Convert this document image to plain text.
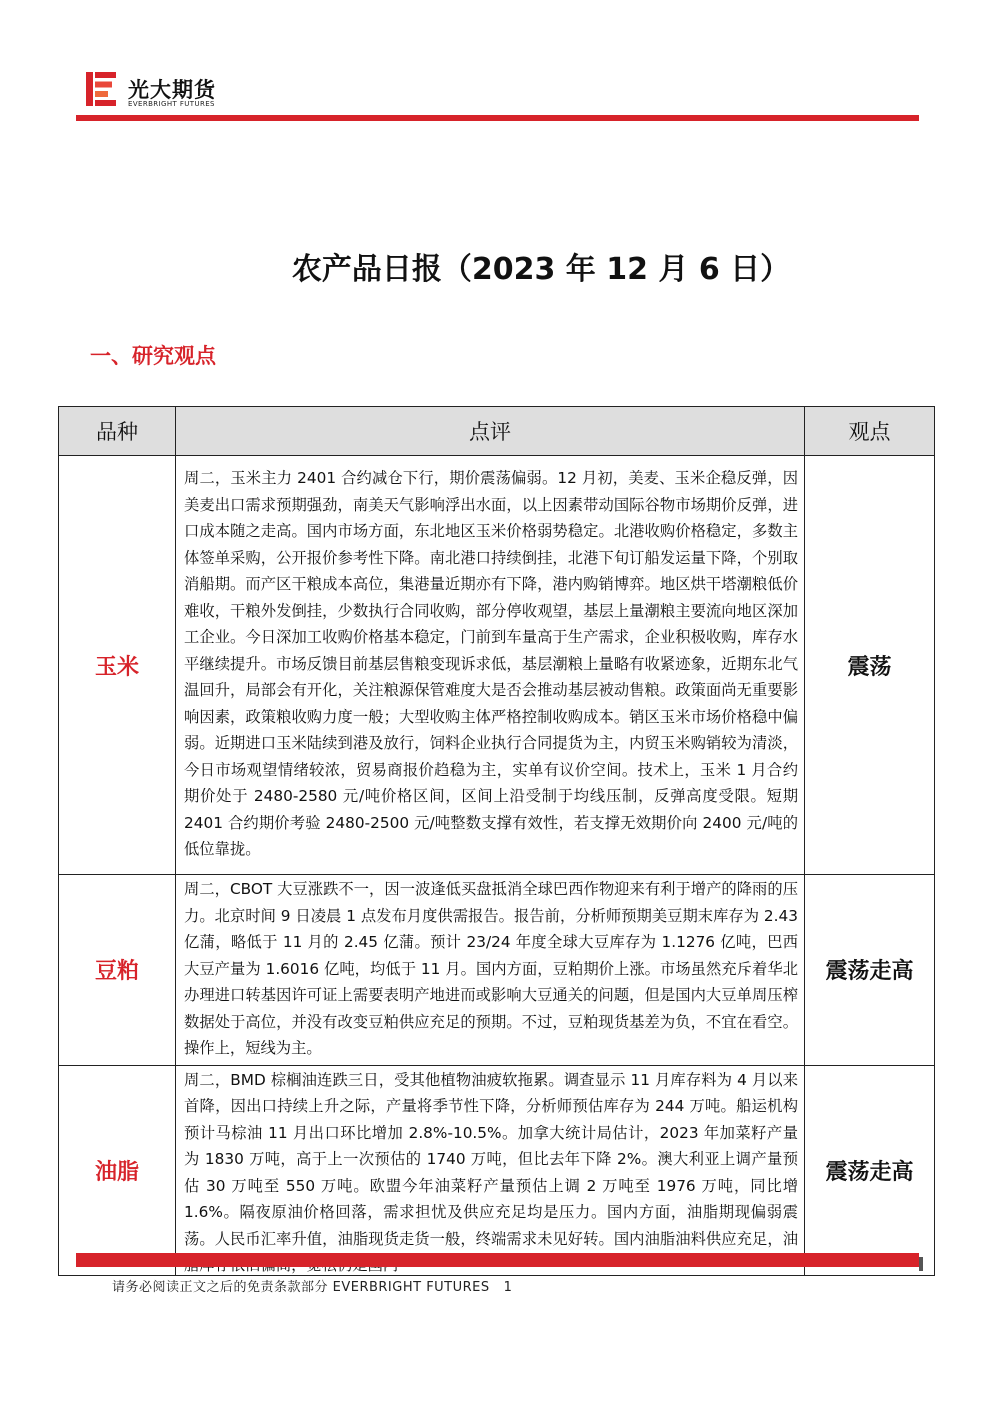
光大期货
EVERBRIGHT FUTURES
农产品日报（2023 年 12 月 6 日）
一、研究观点
品种	点评	观点
玉米	周二，玉米主力 2401 合约减仓下行，期价震荡偏弱。12 月初，美麦、玉米企稳反弹，因美麦出口需求预期强劲，南美天气影响浮出水面，以上因素带动国际谷物市场期价反弹，进口成本随之走高。国内市场方面，东北地区玉米价格弱势稳定。北港收购价格稳定，多数主体签单采购，公开报价参考性下降。南北港口持续倒挂，北港下旬订船发运量下降，个别取消船期。而产区干粮成本高位，集港量近期亦有下降，港内购销博弈。地区烘干塔潮粮低价难收，干粮外发倒挂，少数执行合同收购，部分停收观望，基层上量潮粮主要流向地区深加工企业。今日深加工收购价格基本稳定，门前到车量高于生产需求，企业积极收购，库存水平继续提升。市场反馈目前基层售粮变现诉求低，基层潮粮上量略有收紧迹象，近期东北气温回升，局部会有开化，关注粮源保管难度大是否会推动基层被动售粮。政策面尚无重要影响因素，政策粮收购力度一般；大型收购主体严格控制收购成本。销区玉米市场价格稳中偏弱。近期进口玉米陆续到港及放行，饲料企业执行合同提货为主，内贸玉米购销较为清淡，今日市场观望情绪较浓，贸易商报价趋稳为主，实单有议价空间。技术上，玉米 1 月合约期价处于 2480-2580 元/吨价格区间，区间上沿受制于均线压制，反弹高度受限。短期 2401 合约期价考验 2480-2500 元/吨整数支撑有效性，若支撑无效期价向 2400 元/吨的低位靠拢。	震荡
豆粕	周二，CBOT 大豆涨跌不一，因一波逢低买盘抵消全球巴西作物迎来有利于增产的降雨的压力。北京时间 9 日凌晨 1 点发布月度供需报告。报告前，分析师预期美豆期末库存为 2.43 亿蒲，略低于 11 月的 2.45 亿蒲。预计 23/24 年度全球大豆库存为 1.1276 亿吨，巴西大豆产量为 1.6016 亿吨，均低于 11 月。国内方面，豆粕期价上涨。市场虽然充斥着华北办理进口转基因许可证上需要表明产地进而或影响大豆通关的问题，但是国内大豆单周压榨数据处于高位，并没有改变豆粕供应充足的预期。不过，豆粕现货基差为负，不宜在看空。操作上，短线为主。	震荡走高
油脂	周二，BMD 棕榈油连跌三日，受其他植物油疲软拖累。调查显示 11 月库存料为 4 月以来首降，因出口持续上升之际，产量将季节性下降，分析师预估库存为 244 万吨。船运机构预计马棕油 11 月出口环比增加 2.8%-10.5%。加拿大统计局估计，2023 年加菜籽产量为 1830 万吨，高于上一次预估的 1740 万吨，但比去年下降 2%。澳大利亚上调产量预估 30 万吨至 550 万吨。欧盟今年油菜籽产量预估上调 2 万吨至 1976 万吨，同比增 1.6%。隔夜原油价格回落，需求担忧及供应充足均是压力。国内方面，油脂期现偏弱震荡。人民币汇率升值，油脂现货走货一般，终端需求未见好转。国内油脂油料供应充足，油	震荡走高
请务必阅读正文之后的免责条款部分 EVERBRIGHT FUTURES 1
